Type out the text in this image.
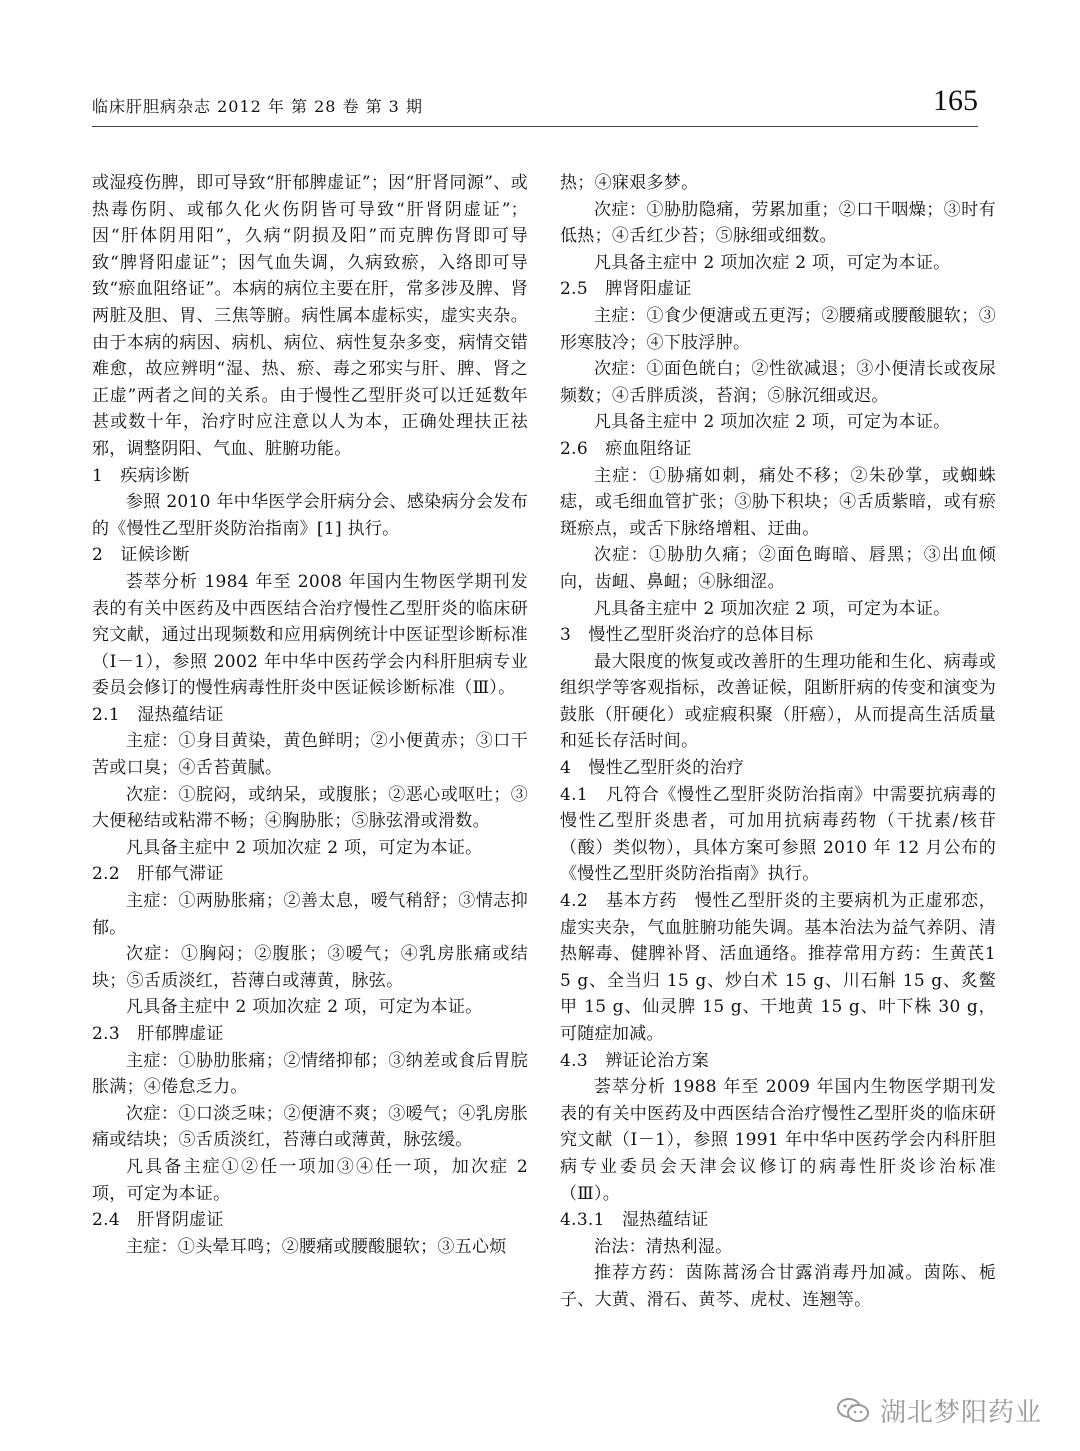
临床肝胆病杂志 2012 年 第 28 卷 第 3 期	165

或湿疫伤脾，即可导致“肝郁脾虚证”；因“肝肾同源”、或热毒伤阴、或郁久化火伤阴皆可导致“肝肾阴虚证”；因“肝体阴用阳”，久病“阴损及阳”而克脾伤肾即可导致“脾肾阳虚证”；因气血失调，久病致瘀，入络即可导致“瘀血阻络证”。本病的病位主要在肝，常多涉及脾、肾两脏及胆、胃、三焦等腑。病性属本虚标实，虚实夹杂。由于本病的病因、病机、病位、病性复杂多变，病情交错难愈，故应辨明“湿、热、瘀、毒之邪实与肝、脾、肾之正虚”两者之间的关系。由于慢性乙型肝炎可以迁延数年甚或数十年，治疗时应注意以人为本，正确处理扶正祛邪，调整阴阳、气血、脏腑功能。

1　疾病诊断

参照 2010 年中华医学会肝病分会、感染病分会发布的《慢性乙型肝炎防治指南》[1] 执行。

2　证候诊断

荟萃分析 1984 年至 2008 年国内生物医学期刊发表的有关中医药及中西医结合治疗慢性乙型肝炎的临床研究文献，通过出现频数和应用病例统计中医证型诊断标准（Ⅰ－1），参照 2002 年中华中医药学会内科肝胆病专业委员会修订的慢性病毒性肝炎中医证候诊断标准（Ⅲ）。

2.1　湿热蕴结证

主症：①身目黄染，黄色鲜明；②小便黄赤；③口干苦或口臭；④舌苔黄腻。

次症：①脘闷，或纳呆，或腹胀；②恶心或呕吐；③大便秘结或粘滞不畅；④胸胁胀；⑤脉弦滑或滑数。

凡具备主症中 2 项加次症 2 项，可定为本证。

2.2　肝郁气滞证

主症：①两胁胀痛；②善太息，嗳气稍舒；③情志抑郁。

次症：①胸闷；②腹胀；③嗳气；④乳房胀痛或结块；⑤舌质淡红，苔薄白或薄黄，脉弦。

凡具备主症中 2 项加次症 2 项，可定为本证。

2.3　肝郁脾虚证

主症：①胁肋胀痛；②情绪抑郁；③纳差或食后胃脘胀满；④倦怠乏力。

次症：①口淡乏味；②便溏不爽；③嗳气；④乳房胀痛或结块；⑤舌质淡红，苔薄白或薄黄，脉弦缓。

凡具备主症①②任一项加③④任一项，加次症 2 项，可定为本证。

2.4　肝肾阴虚证

主症：①头晕耳鸣；②腰痛或腰酸腿软；③五心烦

热；④寐艰多梦。

次症：①胁肋隐痛，劳累加重；②口干咽燥；③时有低热；④舌红少苔；⑤脉细或细数。

凡具备主症中 2 项加次症 2 项，可定为本证。

2.5　脾肾阳虚证

主症：①食少便溏或五更泻；②腰痛或腰酸腿软；③形寒肢冷；④下肢浮肿。

次症：①面色㿠白；②性欲减退；③小便清长或夜尿频数；④舌胖质淡，苔润；⑤脉沉细或迟。

凡具备主症中 2 项加次症 2 项，可定为本证。

2.6　瘀血阻络证

主症：①胁痛如刺，痛处不移；②朱砂掌，或蜘蛛痣，或毛细血管扩张；③胁下积块；④舌质紫暗，或有瘀斑瘀点，或舌下脉络增粗、迂曲。

次症：①胁肋久痛；②面色晦暗、唇黑；③出血倾向，齿衄、鼻衄；④脉细涩。

凡具备主症中 2 项加次症 2 项，可定为本证。

3　慢性乙型肝炎治疗的总体目标

最大限度的恢复或改善肝的生理功能和生化、病毒或组织学等客观指标，改善证候，阻断肝病的传变和演变为鼓胀（肝硬化）或症瘕积聚（肝癌），从而提高生活质量和延长存活时间。

4　慢性乙型肝炎的治疗

4.1　凡符合《慢性乙型肝炎防治指南》中需要抗病毒的慢性乙型肝炎患者，可加用抗病毒药物（干扰素/核苷（酸）类似物），具体方案可参照 2010 年 12 月公布的《慢性乙型肝炎防治指南》执行。

4.2　基本方药　慢性乙型肝炎的主要病机为正虚邪恋，虚实夹杂，气血脏腑功能失调。基本治法为益气养阴、清热解毒、健脾补肾、活血通络。推荐常用方药：生黄芪15 g、全当归 15 g、炒白术 15 g、川石斛 15 g、炙鳖甲 15 g、仙灵脾 15 g、干地黄 15 g、叶下株 30 g，可随症加减。

4.3　辨证论治方案

荟萃分析 1988 年至 2009 年国内生物医学期刊发表的有关中医药及中西医结合治疗慢性乙型肝炎的临床研究文献（Ⅰ－1），参照 1991 年中华中医药学会内科肝胆病专业委员会天津会议修订的病毒性肝炎诊治标准（Ⅲ）。

4.3.1　湿热蕴结证

治法：清热利湿。

推荐方药：茵陈蒿汤合甘露消毒丹加减。茵陈、栀子、大黄、滑石、黄芩、虎杖、连翘等。

湖北梦阳药业
